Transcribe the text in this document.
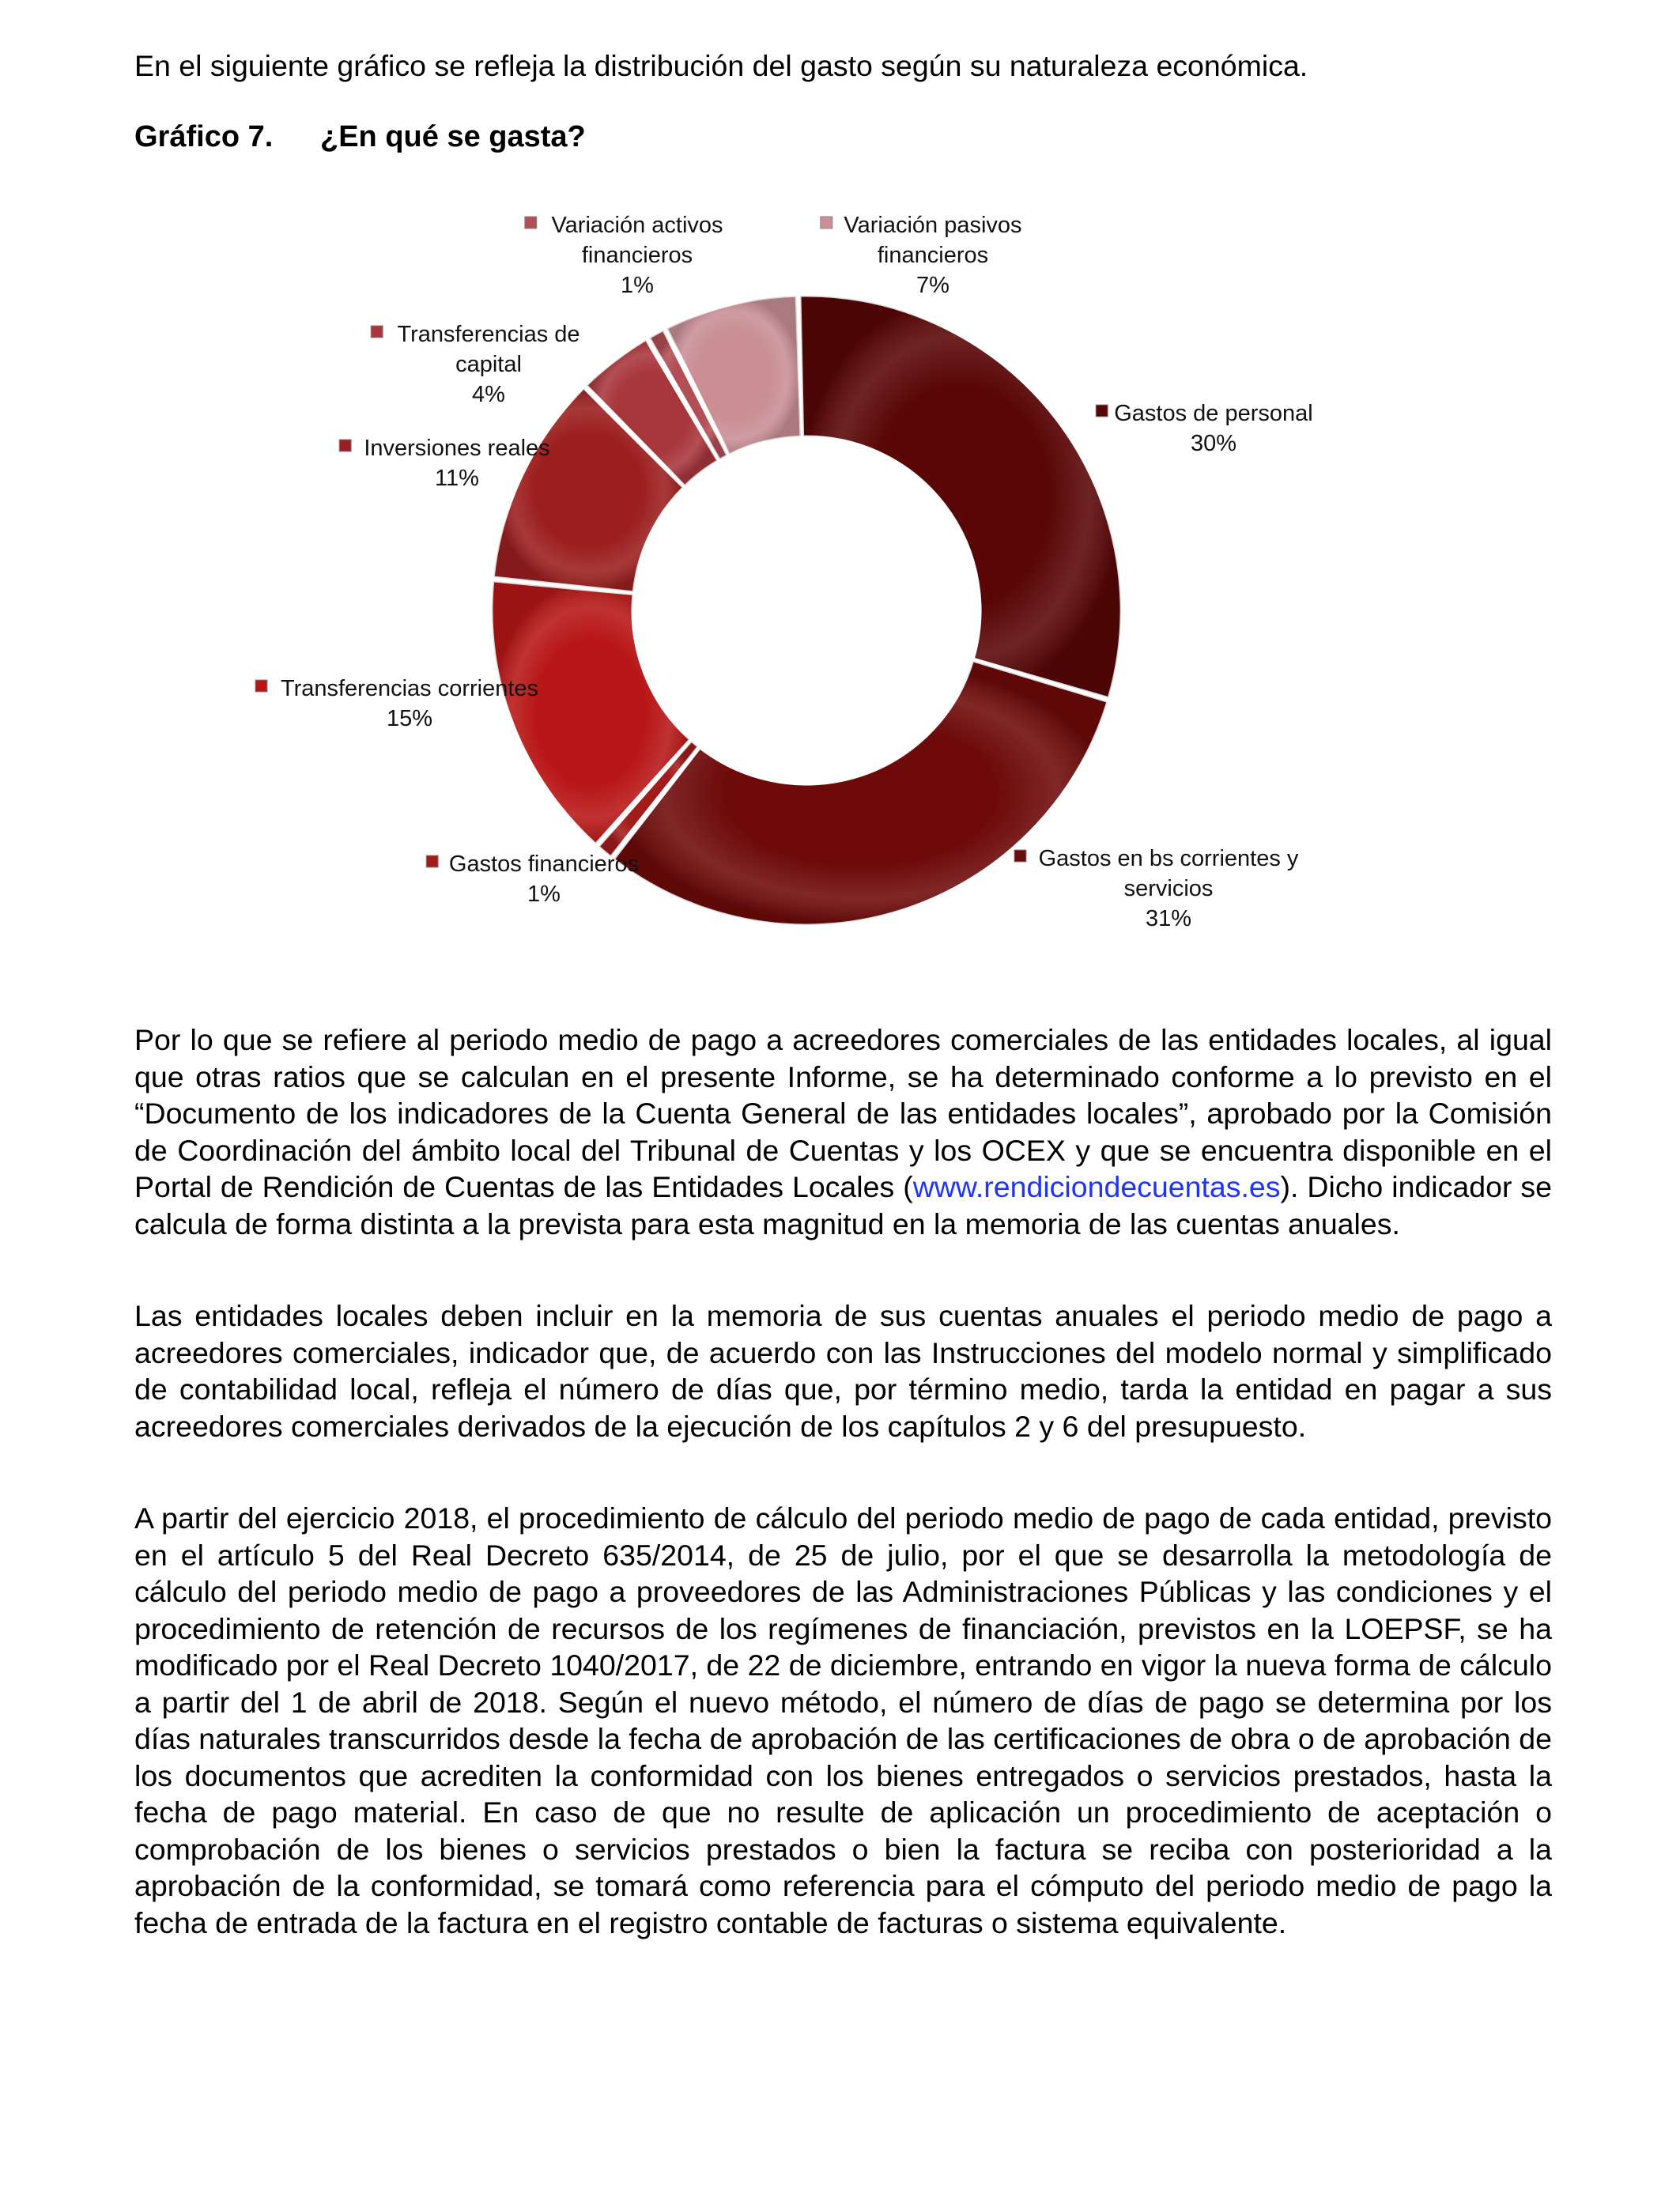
En el siguiente gráfico se refleja la distribución del gasto según su naturaleza económica.
Gráfico 7. ¿En qué se gasta?
Gastos de personal
30%
Gastos en bs corrientes y
servicios
31%
Gastos financieros
1%
Transferencias corrientes
15%
Inversiones reales
11%
Transferencias de
capital
4%
Variación activos
financieros
1%
Variación pasivos
financieros
7%
Por lo que se refiere al periodo medio de pago a acreedores comerciales de las entidades locales, al igual que otras ratios que se calculan en el presente Informe, se ha determinado conforme a lo previsto en el “Documento de los indicadores de la Cuenta General de las entidades locales”, aprobado por la Comisión de Coordinación del ámbito local del Tribunal de Cuentas y los OCEX y que se encuentra disponible en el Portal de Rendición de Cuentas de las Entidades Locales (www.rendiciondecuentas.es). Dicho indicador se calcula de forma distinta a la prevista para esta magnitud en la memoria de las cuentas anuales.
Las entidades locales deben incluir en la memoria de sus cuentas anuales el periodo medio de pago a acreedores comerciales, indicador que, de acuerdo con las Instrucciones del modelo normal y simplificado de contabilidad local, refleja el número de días que, por término medio, tarda la entidad en pagar a sus acreedores comerciales derivados de la ejecución de los capítulos 2 y 6 del presupuesto.
A partir del ejercicio 2018, el procedimiento de cálculo del periodo medio de pago de cada entidad, previsto en el artículo 5 del Real Decreto 635/2014, de 25 de julio, por el que se desarrolla la metodología de cálculo del periodo medio de pago a proveedores de las Administraciones Públicas y las condiciones y el procedimiento de retención de recursos de los regímenes de financiación, previstos en la LOEPSF, se ha modificado por el Real Decreto 1040/2017, de 22 de diciembre, entrando en vigor la nueva forma de cálculo a partir del 1 de abril de 2018. Según el nuevo método, el número de días de pago se determina por los días naturales transcurridos desde la fecha de aprobación de las certificaciones de obra o de aprobación de los documentos que acrediten la conformidad con los bienes entregados o servicios prestados, hasta la fecha de pago material. En caso de que no resulte de aplicación un procedimiento de aceptación o comprobación de los bienes o servicios prestados o bien la factura se reciba con posterioridad a la aprobación de la conformidad, se tomará como referencia para el cómputo del periodo medio de pago la fecha de entrada de la factura en el registro contable de facturas o sistema equivalente.
